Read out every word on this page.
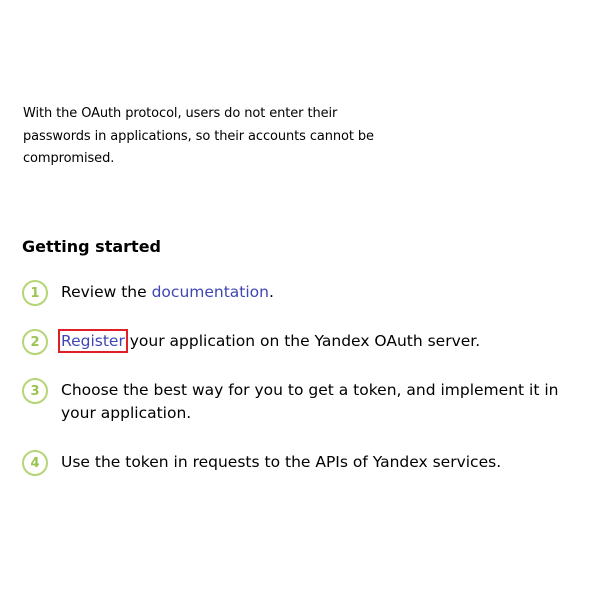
With the OAuth protocol, users do not enter their passwords in applications, so their accounts cannot be compromised.

Getting started
1	Review the documentation.
2	Register your application on the Yandex OAuth server.
3	Choose the best way for you to get a token, and implement it in your application.
4	Use the token in requests to the APIs of Yandex services.
